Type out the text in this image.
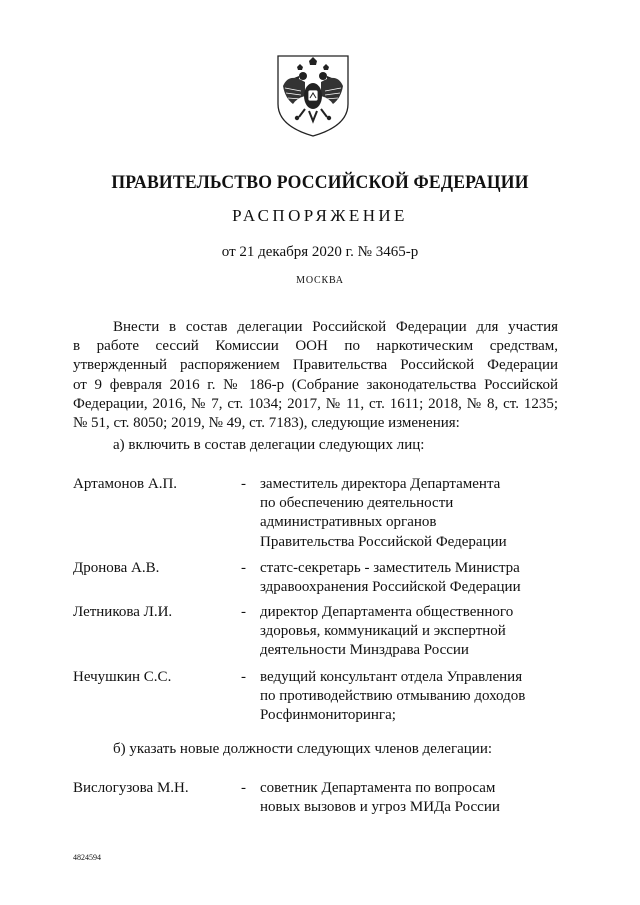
ПРАВИТЕЛЬСТВО РОССИЙСКОЙ ФЕДЕРАЦИИ
РАСПОРЯЖЕНИЕ
от 21 декабря 2020 г. № 3465-р
МОСКВА
Внести в состав делегации Российской Федерации для участия
в работе сессий Комиссии ООН по наркотическим средствам,
утвержденный распоряжением Правительства Российской Федерации
от 9 февраля 2016 г. № 186-р (Собрание законодательства Российской
Федерации, 2016, № 7, ст. 1034; 2017, № 11, ст. 1611; 2018, № 8, ст. 1235;
№ 51, ст. 8050; 2019, № 49, ст. 7183), следующие изменения:
а) включить в состав делегации следующих лиц:
Артамонов А.П.	- заместитель директора Департамента
по обеспечению деятельности
административных органов
Правительства Российской Федерации
Дронова А.В.	- статс-секретарь - заместитель Министра
здравоохранения Российской Федерации
Летникова Л.И.	- директор Департамента общественного
здоровья, коммуникаций и экспертной
деятельности Минздрава России
Нечушкин С.С.	- ведущий консультант отдела Управления
по противодействию отмыванию доходов
Росфинмониторинга;
б) указать новые должности следующих членов делегации:
Вислогузова М.Н.	- советник Департамента по вопросам
новых вызовов и угроз МИДа России
4824594
